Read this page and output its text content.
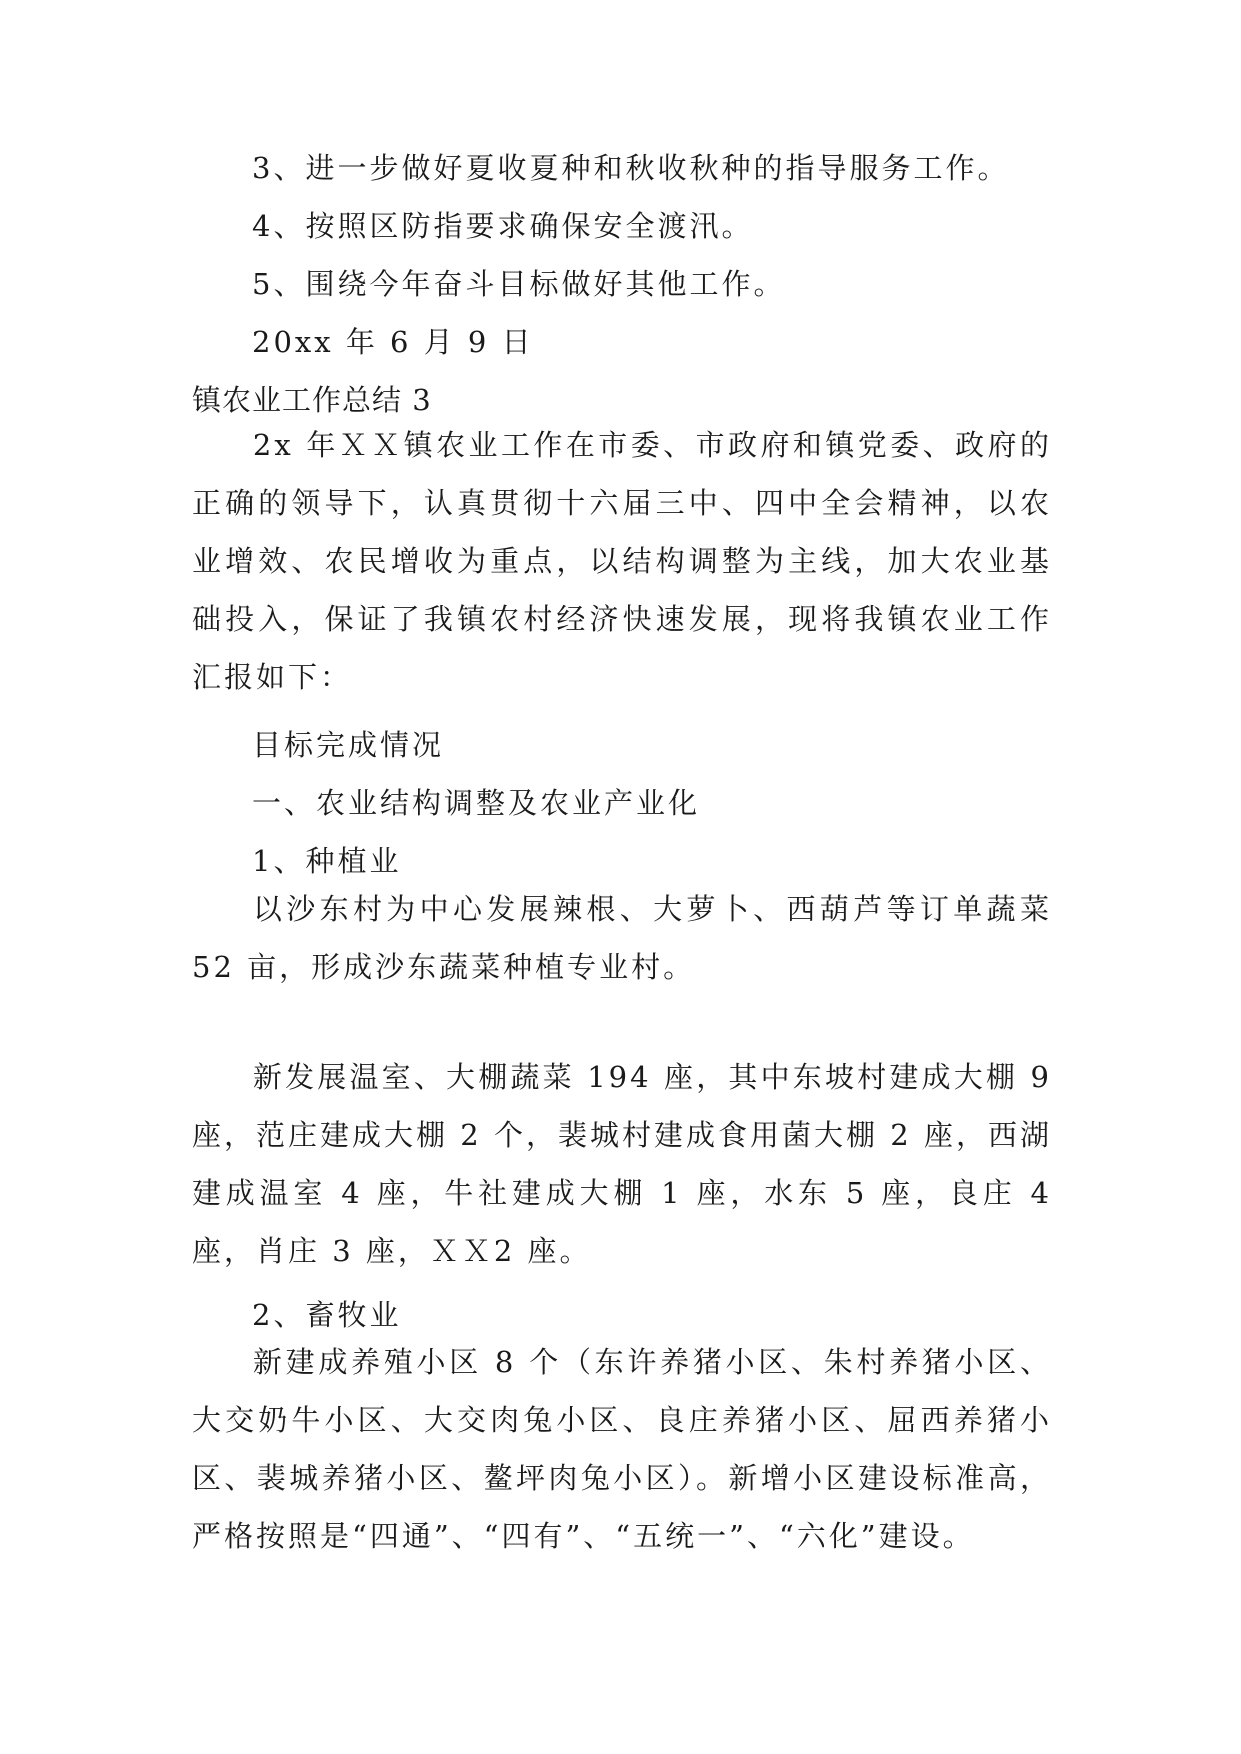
3、进一步做好夏收夏种和秋收秋种的指导服务工作。
4、按照区防指要求确保安全渡汛。
5、围绕今年奋斗目标做好其他工作。
20xx 年 6 月 9 日
镇农业工作总结 3
2x 年ＸＸ镇农业工作在市委、市政府和镇党委、政府的正确的领导下，认真贯彻十六届三中、四中全会精神，以农业增效、农民增收为重点，以结构调整为主线，加大农业基础投入，保证了我镇农村经济快速发展，现将我镇农业工作汇报如下：
目标完成情况
一、农业结构调整及农业产业化
1、种植业
以沙东村为中心发展辣根、大萝卜、西葫芦等订单蔬菜 52 亩，形成沙东蔬菜种植专业村。
新发展温室、大棚蔬菜 194 座，其中东坡村建成大棚 9 座，范庄建成大棚 2 个，裴城村建成食用菌大棚 2 座，西湖建成温室 4 座，牛社建成大棚 1 座，水东 5 座，良庄 4 座，肖庄 3 座，ＸＸ2 座。
2、畜牧业
新建成养殖小区 8 个（东许养猪小区、朱村养猪小区、大交奶牛小区、大交肉兔小区、良庄养猪小区、屈西养猪小区、裴城养猪小区、鳌坪肉兔小区）。新增小区建设标准高，严格按照是“四通”、“四有”、“五统一”、“六化”建设。
